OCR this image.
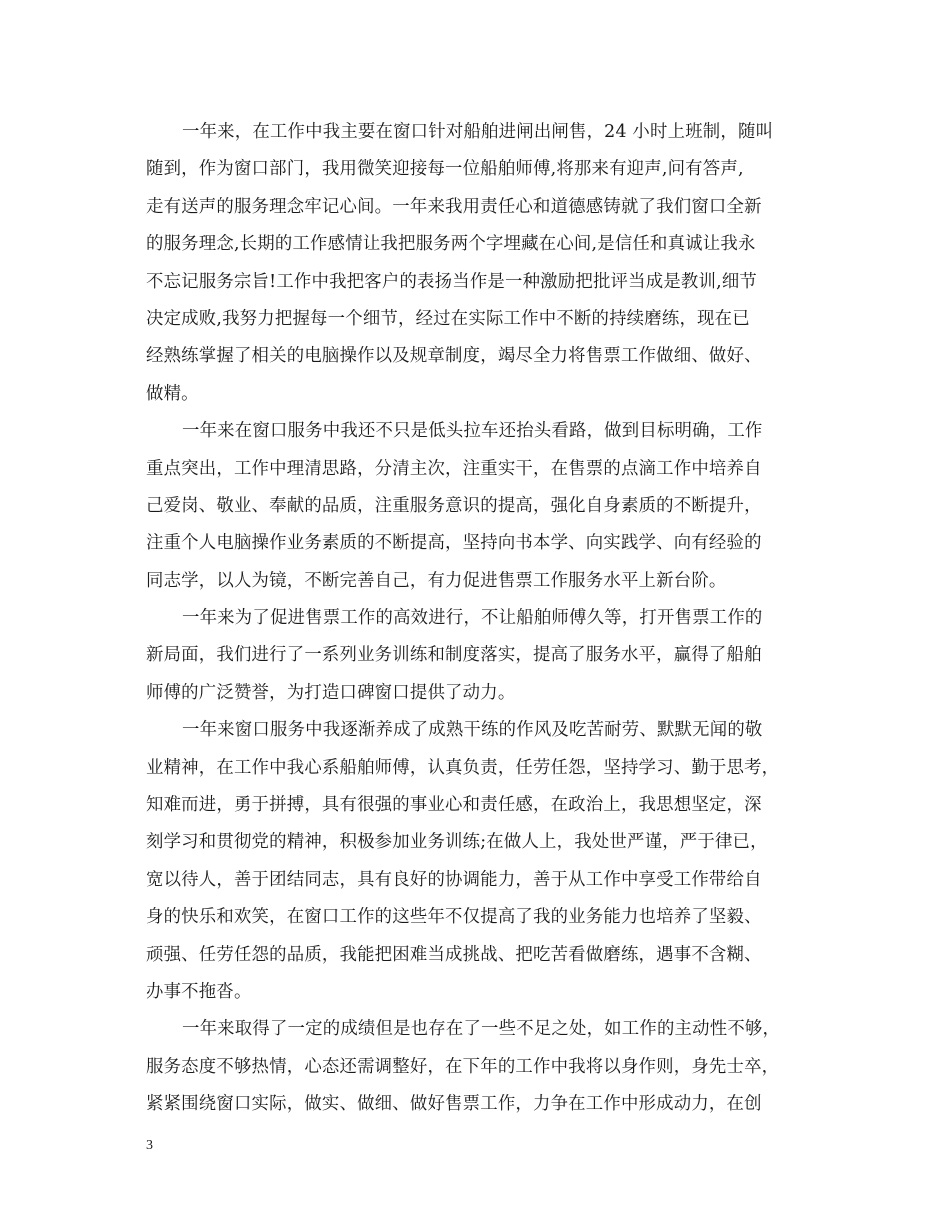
一年来，在工作中我主要在窗口针对船舶进闸出闸售，24 小时上班制，随叫
随到，作为窗口部门，我用微笑迎接每一位船舶师傅,将那来有迎声,问有答声,
走有送声的服务理念牢记心间。一年来我用责任心和道德感铸就了我们窗口全新
的服务理念,长期的工作感情让我把服务两个字埋藏在心间,是信任和真诚让我永
不忘记服务宗旨!工作中我把客户的表扬当作是一种激励把批评当成是教训,细节
决定成败,我努力把握每一个细节，经过在实际工作中不断的持续磨练，现在已
经熟练掌握了相关的电脑操作以及规章制度，竭尽全力将售票工作做细、做好、
做精。
一年来在窗口服务中我还不只是低头拉车还抬头看路，做到目标明确，工作
重点突出，工作中理清思路，分清主次，注重实干，在售票的点滴工作中培养自
己爱岗、敬业、奉献的品质，注重服务意识的提高，强化自身素质的不断提升，
注重个人电脑操作业务素质的不断提高，坚持向书本学、向实践学、向有经验的
同志学，以人为镜，不断完善自己，有力促进售票工作服务水平上新台阶。
一年来为了促进售票工作的高效进行，不让船舶师傅久等，打开售票工作的
新局面，我们进行了一系列业务训练和制度落实，提高了服务水平，赢得了船舶
师傅的广泛赞誉，为打造口碑窗口提供了动力。
一年来窗口服务中我逐渐养成了成熟干练的作风及吃苦耐劳、默默无闻的敬
业精神，在工作中我心系船舶师傅，认真负责，任劳任怨，坚持学习、勤于思考，
知难而进，勇于拼搏，具有很强的事业心和责任感，在政治上，我思想坚定，深
刻学习和贯彻党的精神，积极参加业务训练;在做人上，我处世严谨，严于律已，
宽以待人，善于团结同志，具有良好的协调能力，善于从工作中享受工作带给自
身的快乐和欢笑，在窗口工作的这些年不仅提高了我的业务能力也培养了坚毅、
顽强、任劳任怨的品质，我能把困难当成挑战、把吃苦看做磨练，遇事不含糊、
办事不拖沓。
一年来取得了一定的成绩但是也存在了一些不足之处，如工作的主动性不够，
服务态度不够热情，心态还需调整好，在下年的工作中我将以身作则，身先士卒，
紧紧围绕窗口实际，做实、做细、做好售票工作，力争在工作中形成动力，在创
3
